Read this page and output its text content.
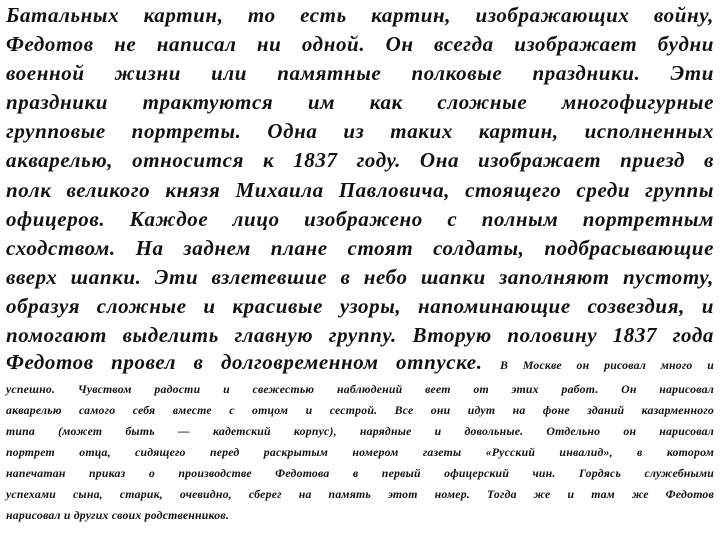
Батальных картин, то есть картин, изображающих войну,

Федотов не написал ни одной. Он всегда изображает будни

военной жизни или памятные полковые праздники. Эти

праздники трактуются им как сложные многофигурные

групповые портреты. Одна из таких картин, исполненных

акварелью, относится к 1837 году. Она изображает приезд в

полк великого князя Михаила Павловича, стоящего среди группы

офицеров. Каждое лицо изображено с полным портретным

сходством. На заднем плане стоят солдаты, подбрасывающие

вверх шапки. Эти взлетевшие в небо шапки заполняют пустоту,

образуя сложные и красивые узоры, напоминающие созвездия, и

помогают выделить главную группу. Вторую половину 1837 года

Федотов провел в долговременном отпуске. В Москве он рисовал много и

успешно. Чувством радости и свежестью наблюдений веет от этих работ. Он нарисовал

акварелью самого себя вместе с отцом и сестрой. Все они идут на фоне зданий казарменного

типа (может быть — кадетский корпус), нарядные и довольные. Отдельно он нарисовал

портрет отца, сидящего перед раскрытым номером газеты «Русский инвалид», в котором

напечатан приказ о производстве Федотова в первый офицерский чин. Гордясь служебными

успехами сына, старик, очевидно, сберег на память этот номер. Тогда же и там же Федотов

нарисовал и других своих родственников.
